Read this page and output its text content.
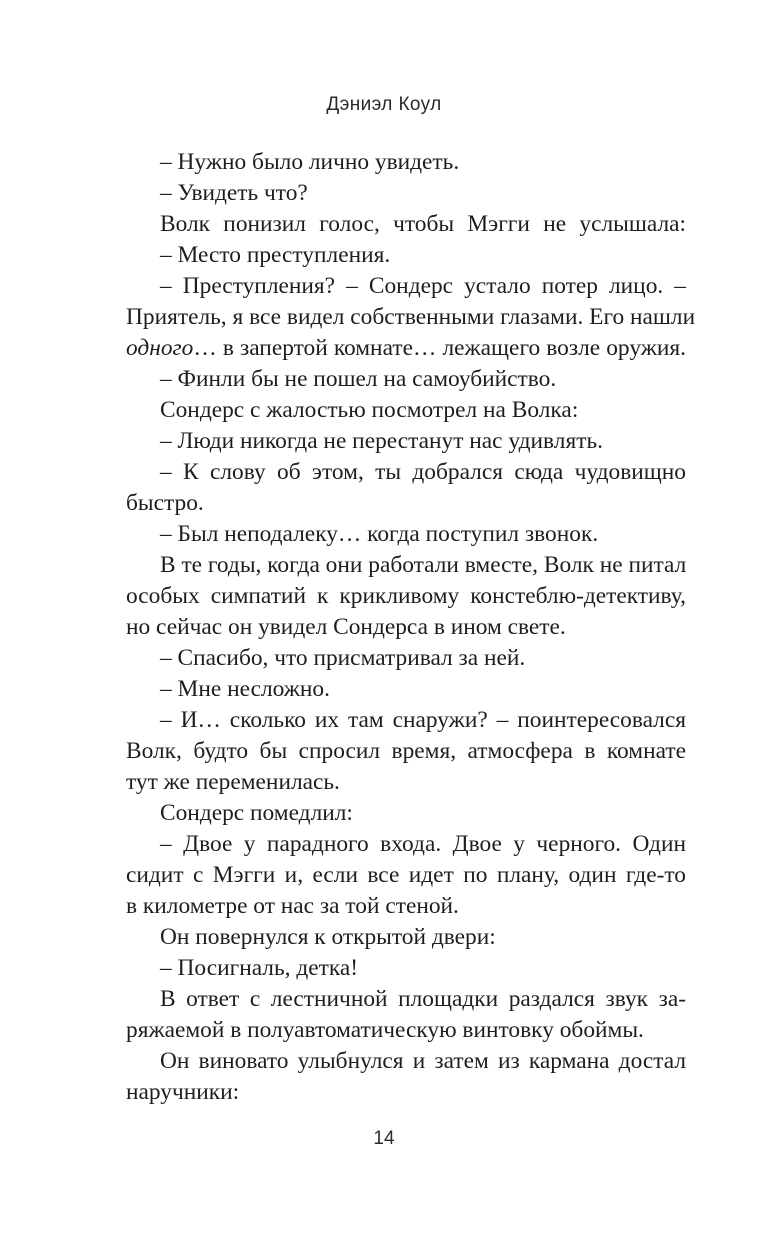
Дэниэл Коул
– Нужно было лично увидеть.
– Увидеть что?
Волк понизил голос, чтобы Мэгги не услышала:
– Место преступления.
– Преступления? – Сондерс устало потер лицо. –
Приятель, я все видел собственными глазами. Его нашли
одного… в запертой комнате… лежащего возле оружия.
– Финли бы не пошел на самоубийство.
Сондерс с жалостью посмотрел на Волка:
– Люди никогда не перестанут нас удивлять.
– К слову об этом, ты добрался сюда чудовищно
быстро.
– Был неподалеку… когда поступил звонок.
В те годы, когда они работали вместе, Волк не питал
особых симпатий к крикливому констеблю-детективу,
но сейчас он увидел Сондерса в ином свете.
– Спасибо, что присматривал за ней.
– Мне несложно.
– И… сколько их там снаружи? – поинтересовался
Волк, будто бы спросил время, атмосфера в комнате
тут же переменилась.
Сондерс помедлил:
– Двое у парадного входа. Двое у черного. Один
сидит с Мэгги и, если все идет по плану, один где-то
в километре от нас за той стеной.
Он повернулся к открытой двери:
– Посигналь, детка!
В ответ с лестничной площадки раздался звук за-
ряжаемой в полуавтоматическую винтовку обоймы.
Он виновато улыбнулся и затем из кармана достал
наручники:
14
